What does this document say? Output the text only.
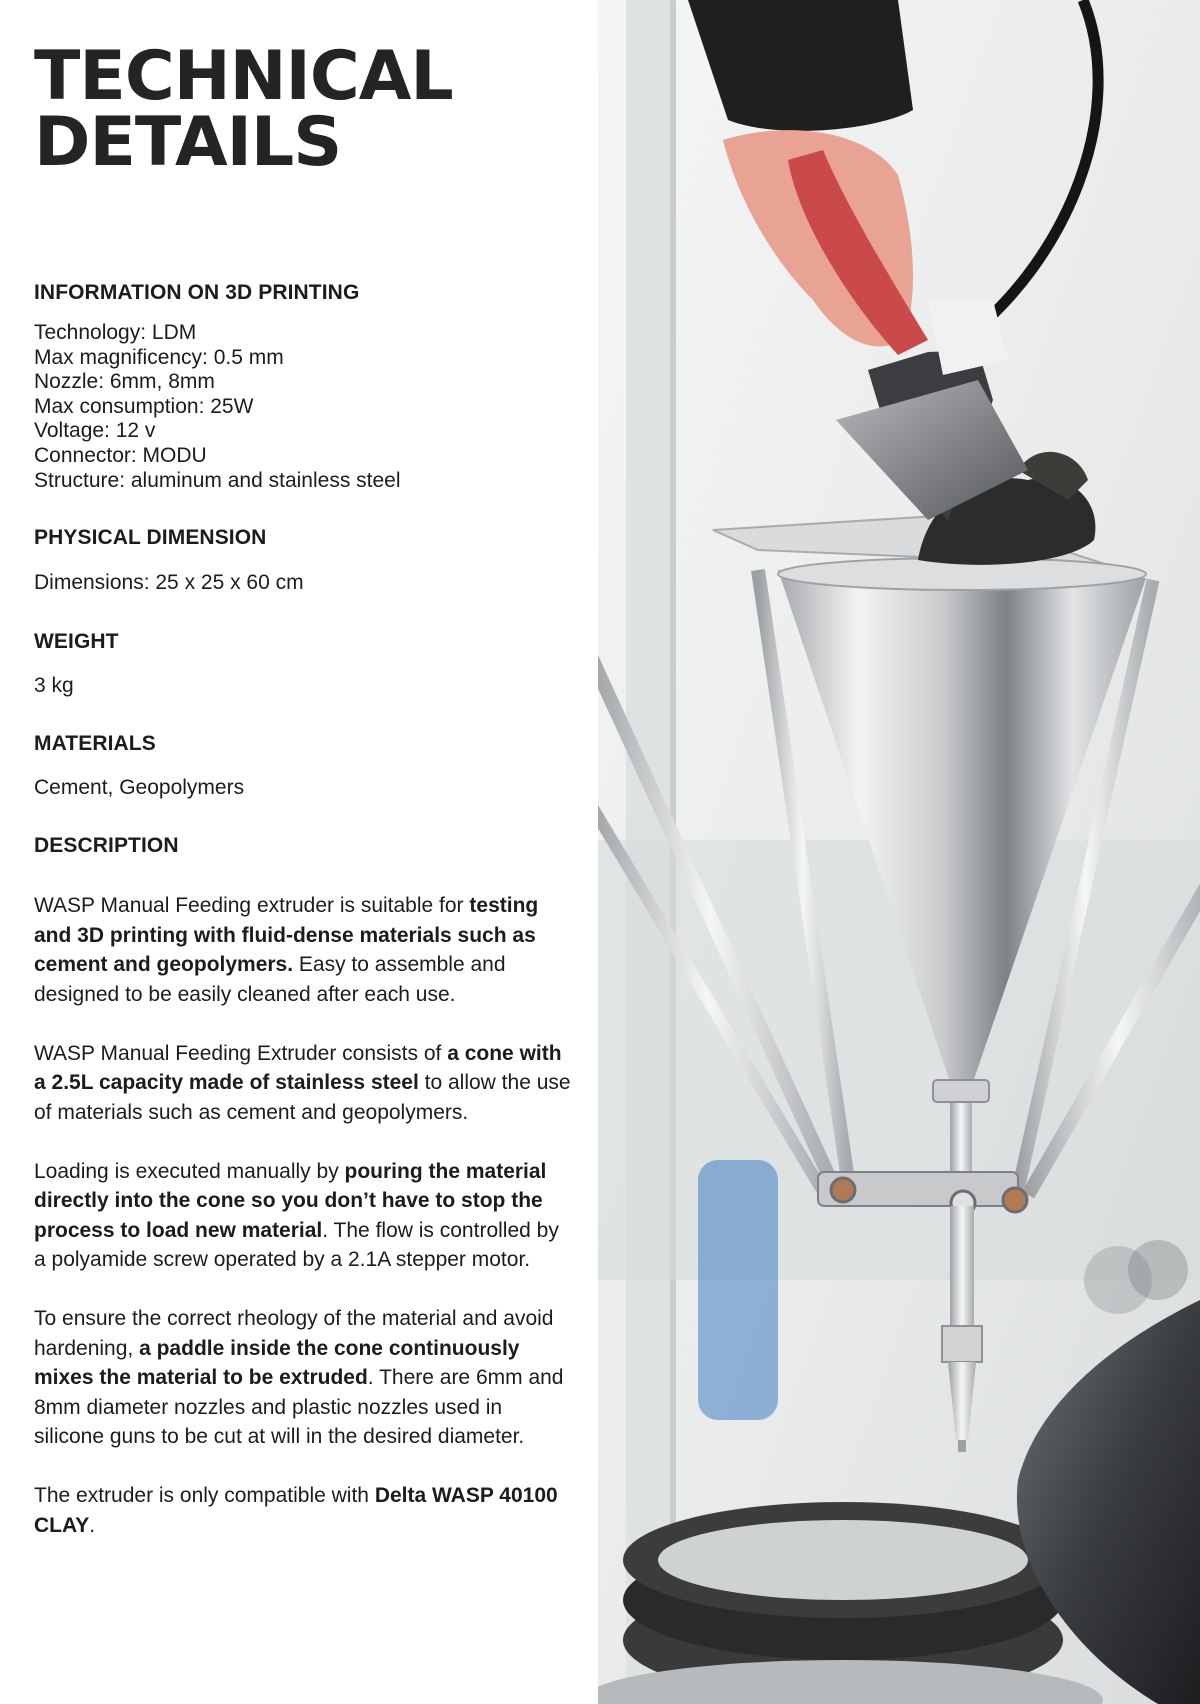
TECHNICAL
DETAILS
INFORMATION ON 3D PRINTING
Technology: LDM
Max magnificency: 0.5 mm
Nozzle: 6mm, 8mm
Max consumption: 25W
Voltage: 12 v
Connector: MODU
Structure: aluminum and stainless steel
PHYSICAL DIMENSION

Dimensions: 25 x 25 x 60 cm

WEIGHT

3 kg

MATERIALS

Cement, Geopolymers

DESCRIPTION

WASP Manual Feeding extruder is suitable for testing and 3D printing with fluid-dense materials such as cement and geopolymers. Easy to assemble and designed to be easily cleaned after each use.

WASP Manual Feeding Extruder consists of a cone with a 2.5L capacity made of stainless steel to allow the use of materials such as cement and geopolymers.

Loading is executed manually by pouring the material directly into the cone so you don’t have to stop the process to load new material. The flow is controlled by a polyamide screw operated by a 2.1A stepper motor.

To ensure the correct rheology of the material and avoid hardening, a paddle inside the cone continuously mixes the material to be extruded. There are 6mm and 8mm diameter nozzles and plastic nozzles used in silicone guns to be cut at will in the desired diameter.

The extruder is only compatible with Delta WASP 40100 CLAY.
